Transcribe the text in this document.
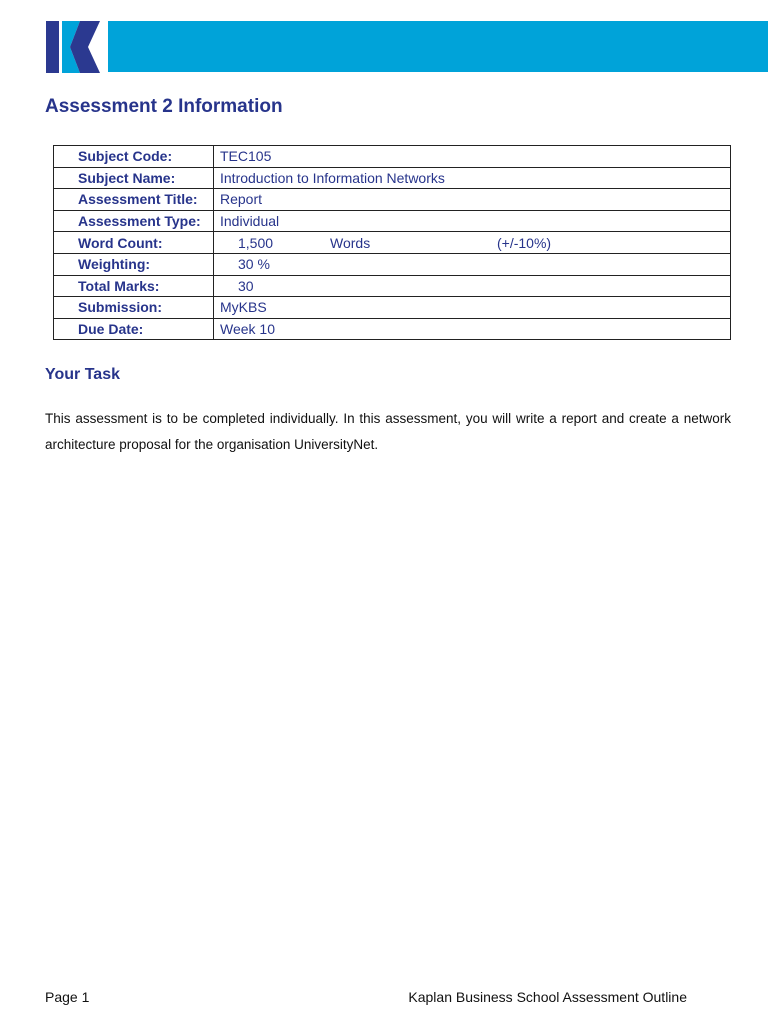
Assessment 2 Information
Subject Code:	TEC105
Subject Name:	Introduction to Information Networks
Assessment Title:	Report
Assessment Type:	Individual
Word Count:	1,500 Words (+/-10%)
Weighting:	30 %
Total Marks:	30
Submission:	MyKBS
Due Date:	Week 10
Your Task

This assessment is to be completed individually. In this assessment, you will write a report and create a network architecture proposal for the organisation UniversityNet.

Page 1	Kaplan Business School Assessment Outline
